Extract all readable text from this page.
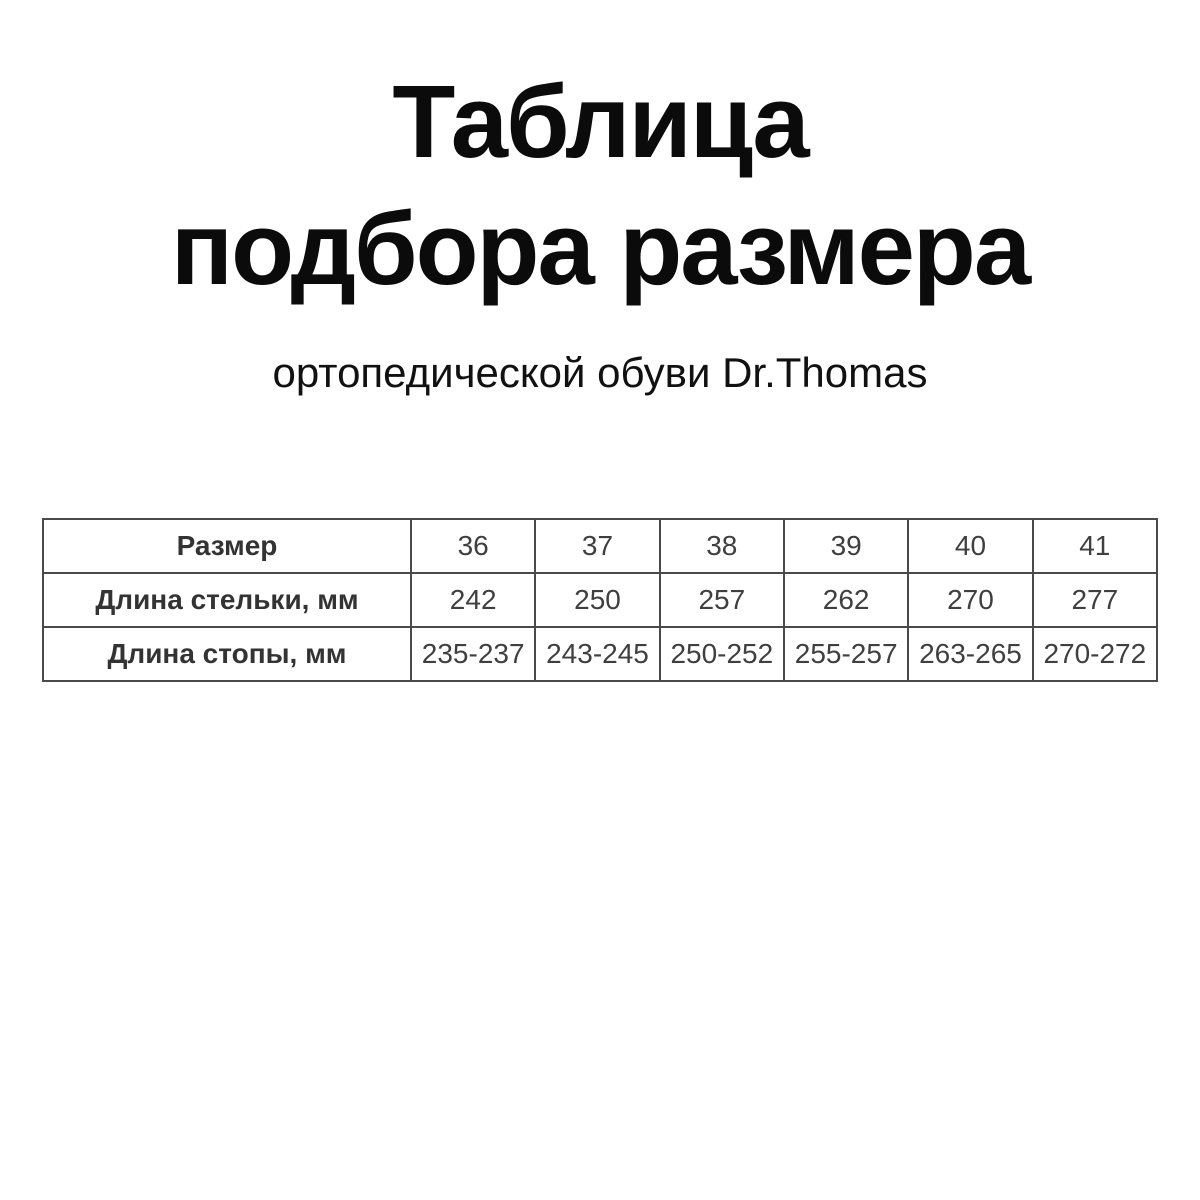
Таблица
подбора размера

ортопедической обуви Dr.Thomas

Размер	36	37	38	39	40	41
Длина стельки, мм	242	250	257	262	270	277
Длина стопы, мм	235-237	243-245	250-252	255-257	263-265	270-272
